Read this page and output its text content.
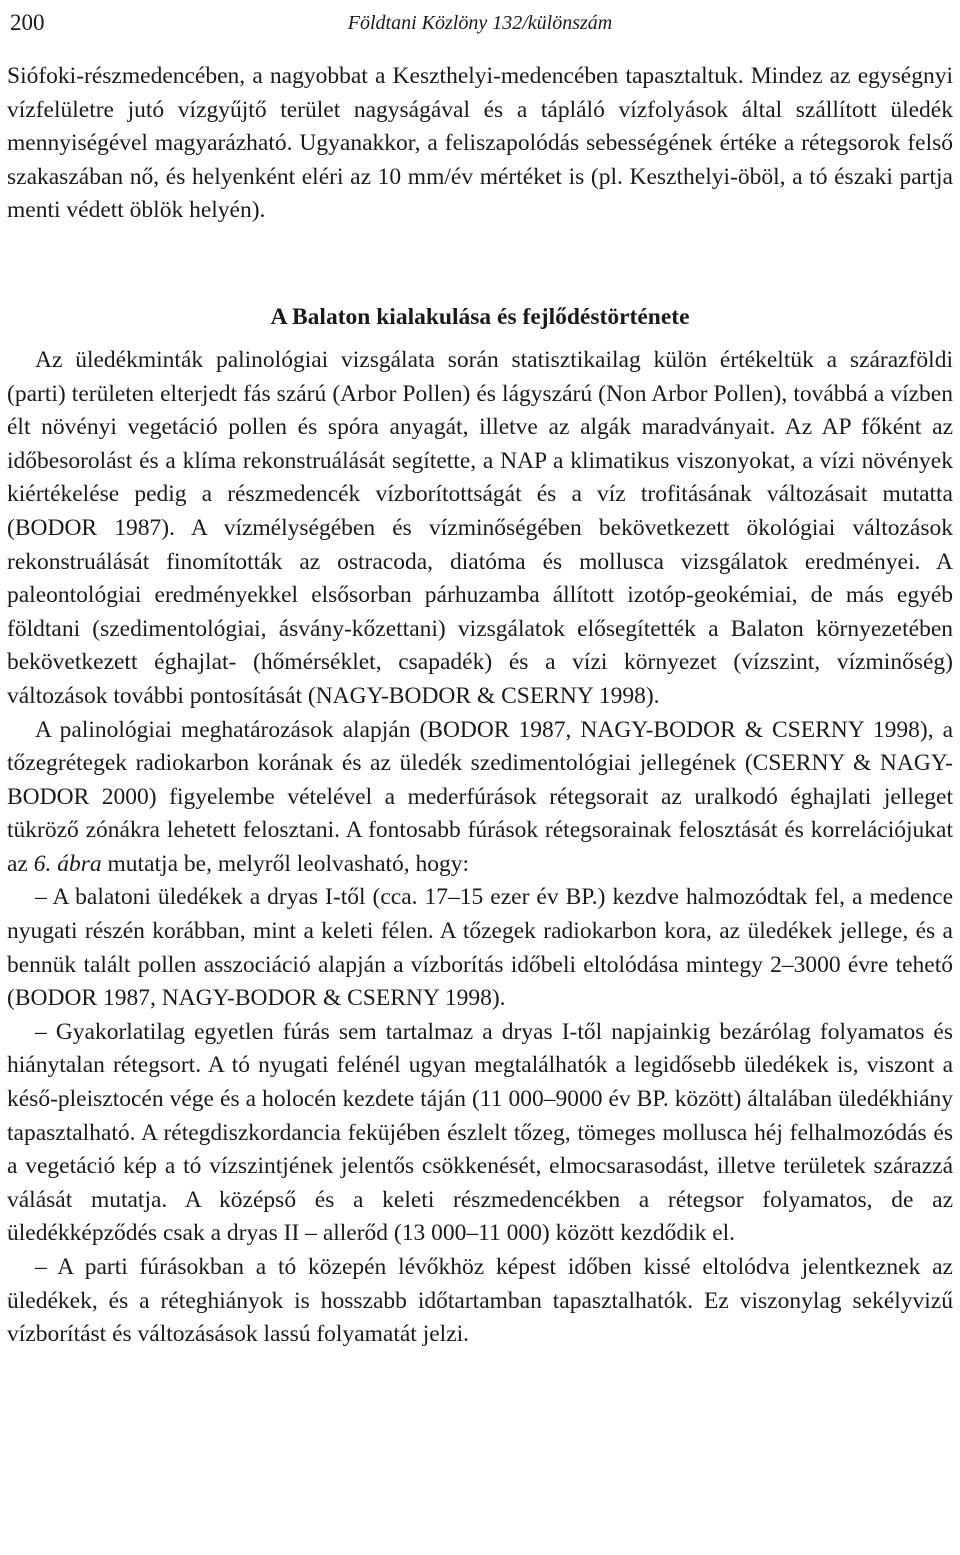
200	Földtani Közlöny 132/különszám

Siófoki-részmedencében, a nagyobbat a Keszthelyi-medencében tapasztaltuk. Mindez az egységnyi vízfelületre jutó vízgyűjtő terület nagyságával és a tápláló vízfolyások által szállított üledék mennyiségével magyarázható. Ugyanakkor, a feliszapolódás sebességének értéke a rétegsorok felső szakaszában nő, és helyenként eléri az 10 mm/év mértéket is (pl. Keszthelyi-öböl, a tó északi partja menti védett öblök helyén).

A Balaton kialakulása és fejlődéstörténete

Az üledékminták palinológiai vizsgálata során statisztikailag külön értékeltük a szárazföldi (parti) területen elterjedt fás szárú (Arbor Pollen) és lágyszárú (Non Arbor Pollen), továbbá a vízben élt növényi vegetáció pollen és spóra anyagát, illetve az algák maradványait. Az AP főként az időbesorolást és a klíma rekonstruálását segítette, a NAP a klimatikus viszonyokat, a vízi növények kiértékelése pedig a részmedencék vízborítottságát és a víz trofitásának változásait mutatta (BODOR 1987). A vízmélységében és vízminőségében bekövetkezett ökológiai változások rekonstruálását finomították az ostracoda, diatóma és mollusca vizsgálatok eredményei. A paleontológiai eredményekkel elsősorban párhuzamba állított izotóp-geokémiai, de más egyéb földtani (szedimentológiai, ásvány-kőzettani) vizsgálatok elősegítették a Balaton környezetében bekövetkezett éghajlat- (hőmérséklet, csapadék) és a vízi környezet (vízszint, vízminőség) változások további pontosítását (NAGY-BODOR & CSERNY 1998).

A palinológiai meghatározások alapján (BODOR 1987, NAGY-BODOR & CSERNY 1998), a tőzegrétegek radiokarbon korának és az üledék szedimentológiai jellegének (CSERNY & NAGY-BODOR 2000) figyelembe vételével a mederfúrások rétegsorait az uralkodó éghajlati jelleget tükröző zónákra lehetett felosztani. A fontosabb fúrások rétegsorainak felosztását és korrelációjukat az 6. ábra mutatja be, melyről leolvasható, hogy:

– A balatoni üledékek a dryas I-től (cca. 17–15 ezer év BP.) kezdve halmozódtak fel, a medence nyugati részén korábban, mint a keleti félen. A tőzegek radiokarbon kora, az üledékek jellege, és a bennük talált pollen asszociáció alapján a vízborítás időbeli eltolódása mintegy 2–3000 évre tehető (BODOR 1987, NAGY-BODOR & CSERNY 1998).

– Gyakorlatilag egyetlen fúrás sem tartalmaz a dryas I-től napjainkig bezárólag folyamatos és hiánytalan rétegsort. A tó nyugati felénél ugyan megtalálhatók a legidősebb üledékek is, viszont a késő-pleisztocén vége és a holocén kezdete táján (11 000–9000 év BP. között) általában üledékhiány tapasztalható. A rétegdiszkordancia feküjében észlelt tőzeg, tömeges mollusca héj felhalmozódás és a vegetáció kép a tó vízszintjének jelentős csökkenését, elmocsarasodást, illetve területek szárazzá válását mutatja. A középső és a keleti részmedencékben a rétegsor folyamatos, de az üledékképződés csak a dryas II – allerőd (13 000–11 000) között kezdődik el.

– A parti fúrásokban a tó közepén lévőkhöz képest időben kissé eltolódva jelentkeznek az üledékek, és a réteghiányok is hosszabb időtartamban tapasztalhatók. Ez viszonylag sekélyvizű vízborítást és változásások lassú folyamatát jelzi.
